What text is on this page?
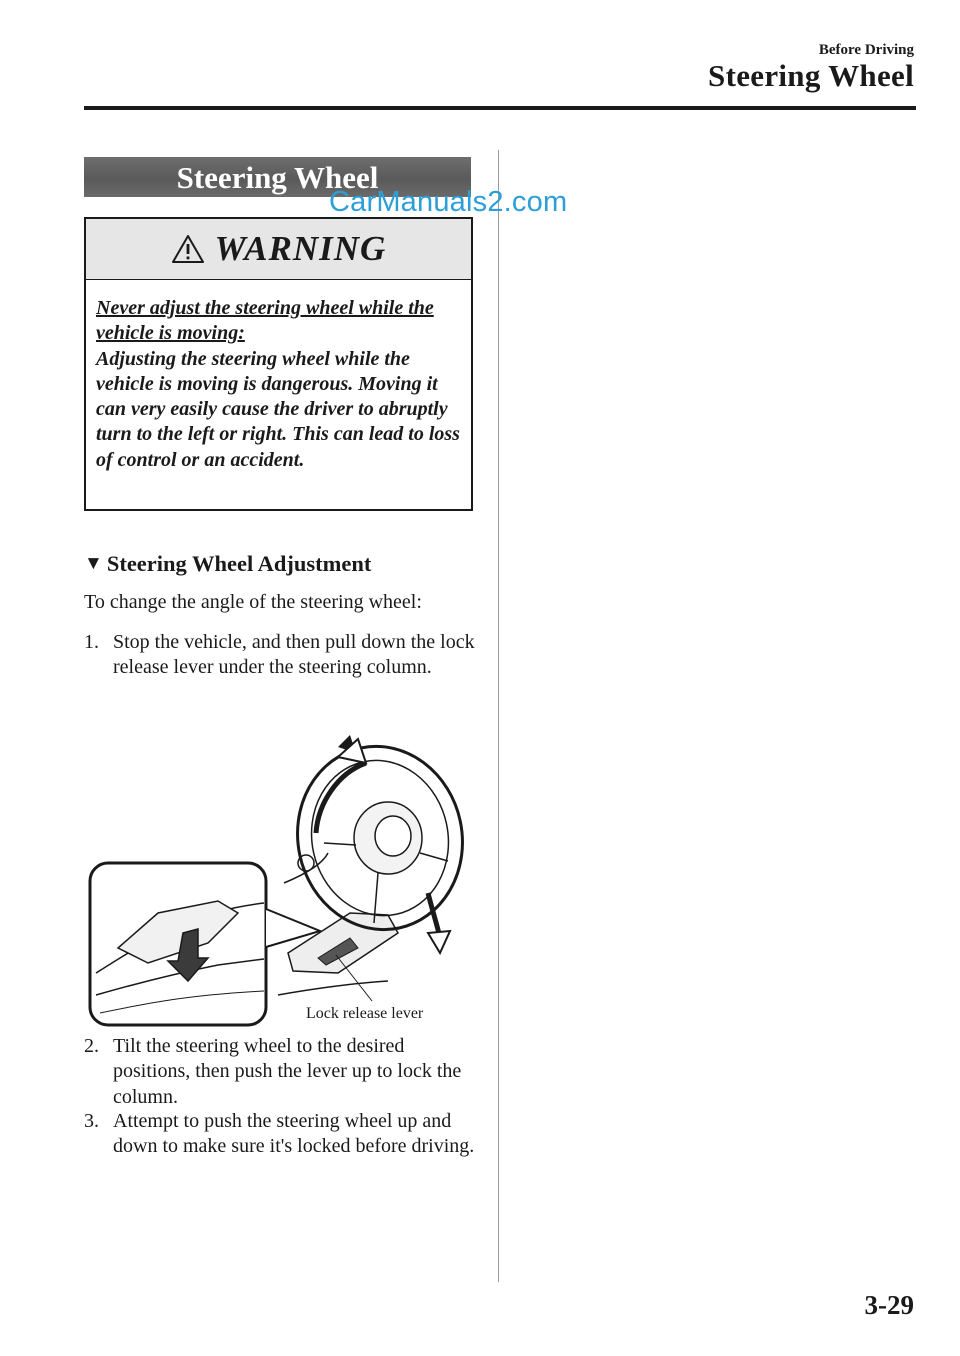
Before Driving
Steering Wheel
Steering Wheel
CarManuals2.com
WARNING
Never adjust the steering wheel while the vehicle is moving:
Adjusting the steering wheel while the vehicle is moving is dangerous. Moving it can very easily cause the driver to abruptly turn to the left or right. This can lead to loss of control or an accident.
▼ Steering Wheel Adjustment
To change the angle of the steering wheel:
1. Stop the vehicle, and then pull down the lock release lever under the steering column.
Lock release lever
2. Tilt the steering wheel to the desired positions, then push the lever up to lock the column.
3. Attempt to push the steering wheel up and down to make sure it's locked before driving.
3-29
